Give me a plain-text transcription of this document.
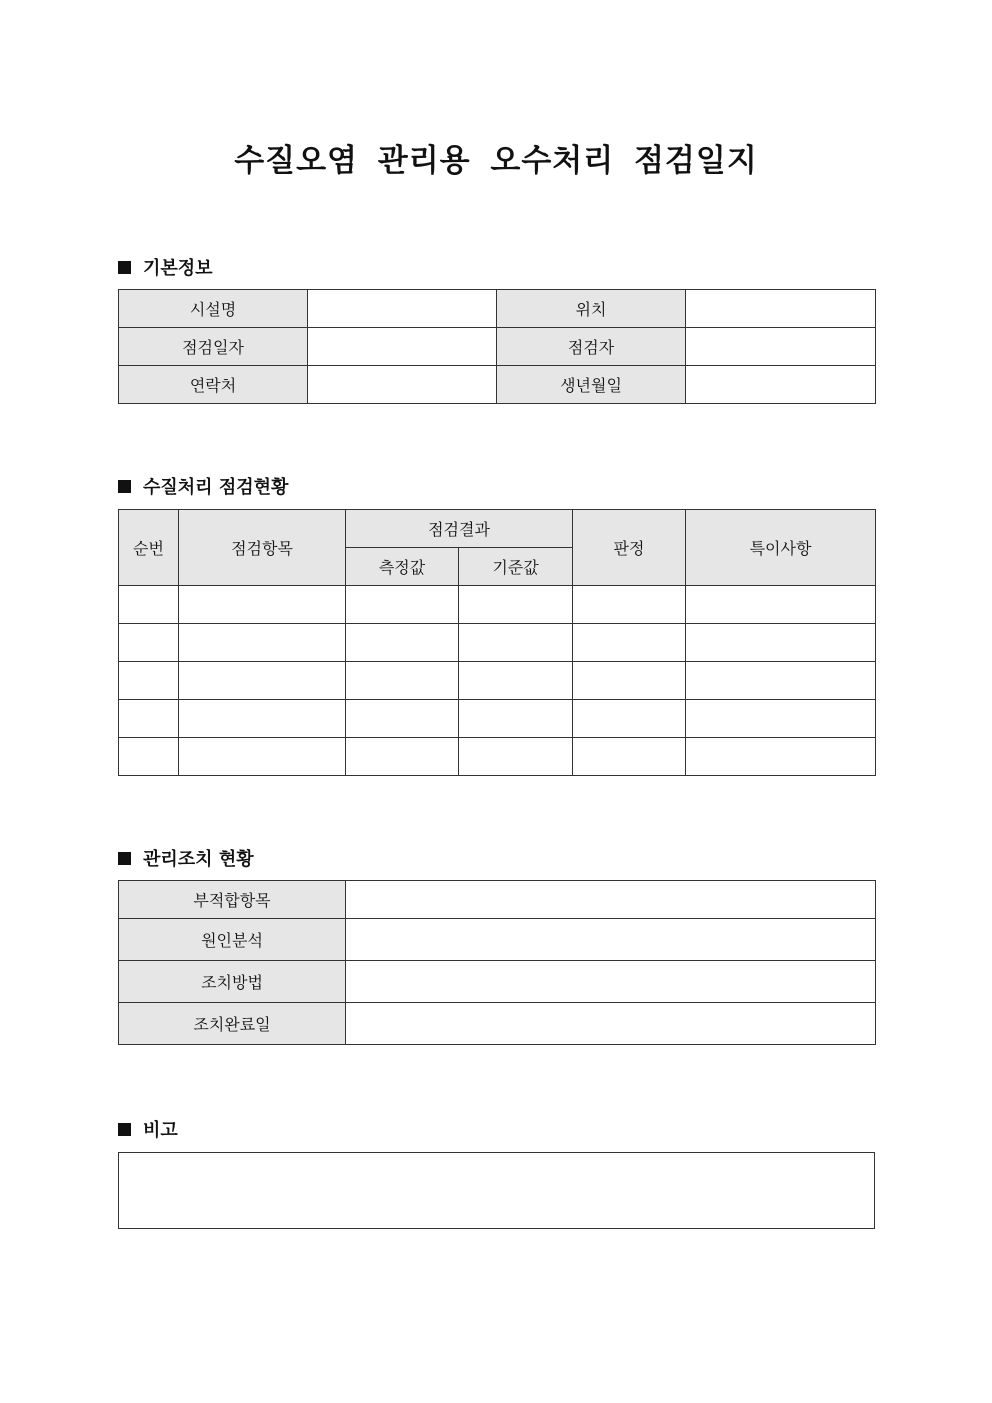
수질오염 관리용 오수처리 점검일지
기본정보
시설명		위치	
점검일자		점검자	
연락처		생년월일	
수질처리 점검현황
순번	점검항목	점검결과		판정	특이사항
		측정값	기준값		

관리조치 현황
부적합항목	
원인분석	
조치방법	
조치완료일	
비고
